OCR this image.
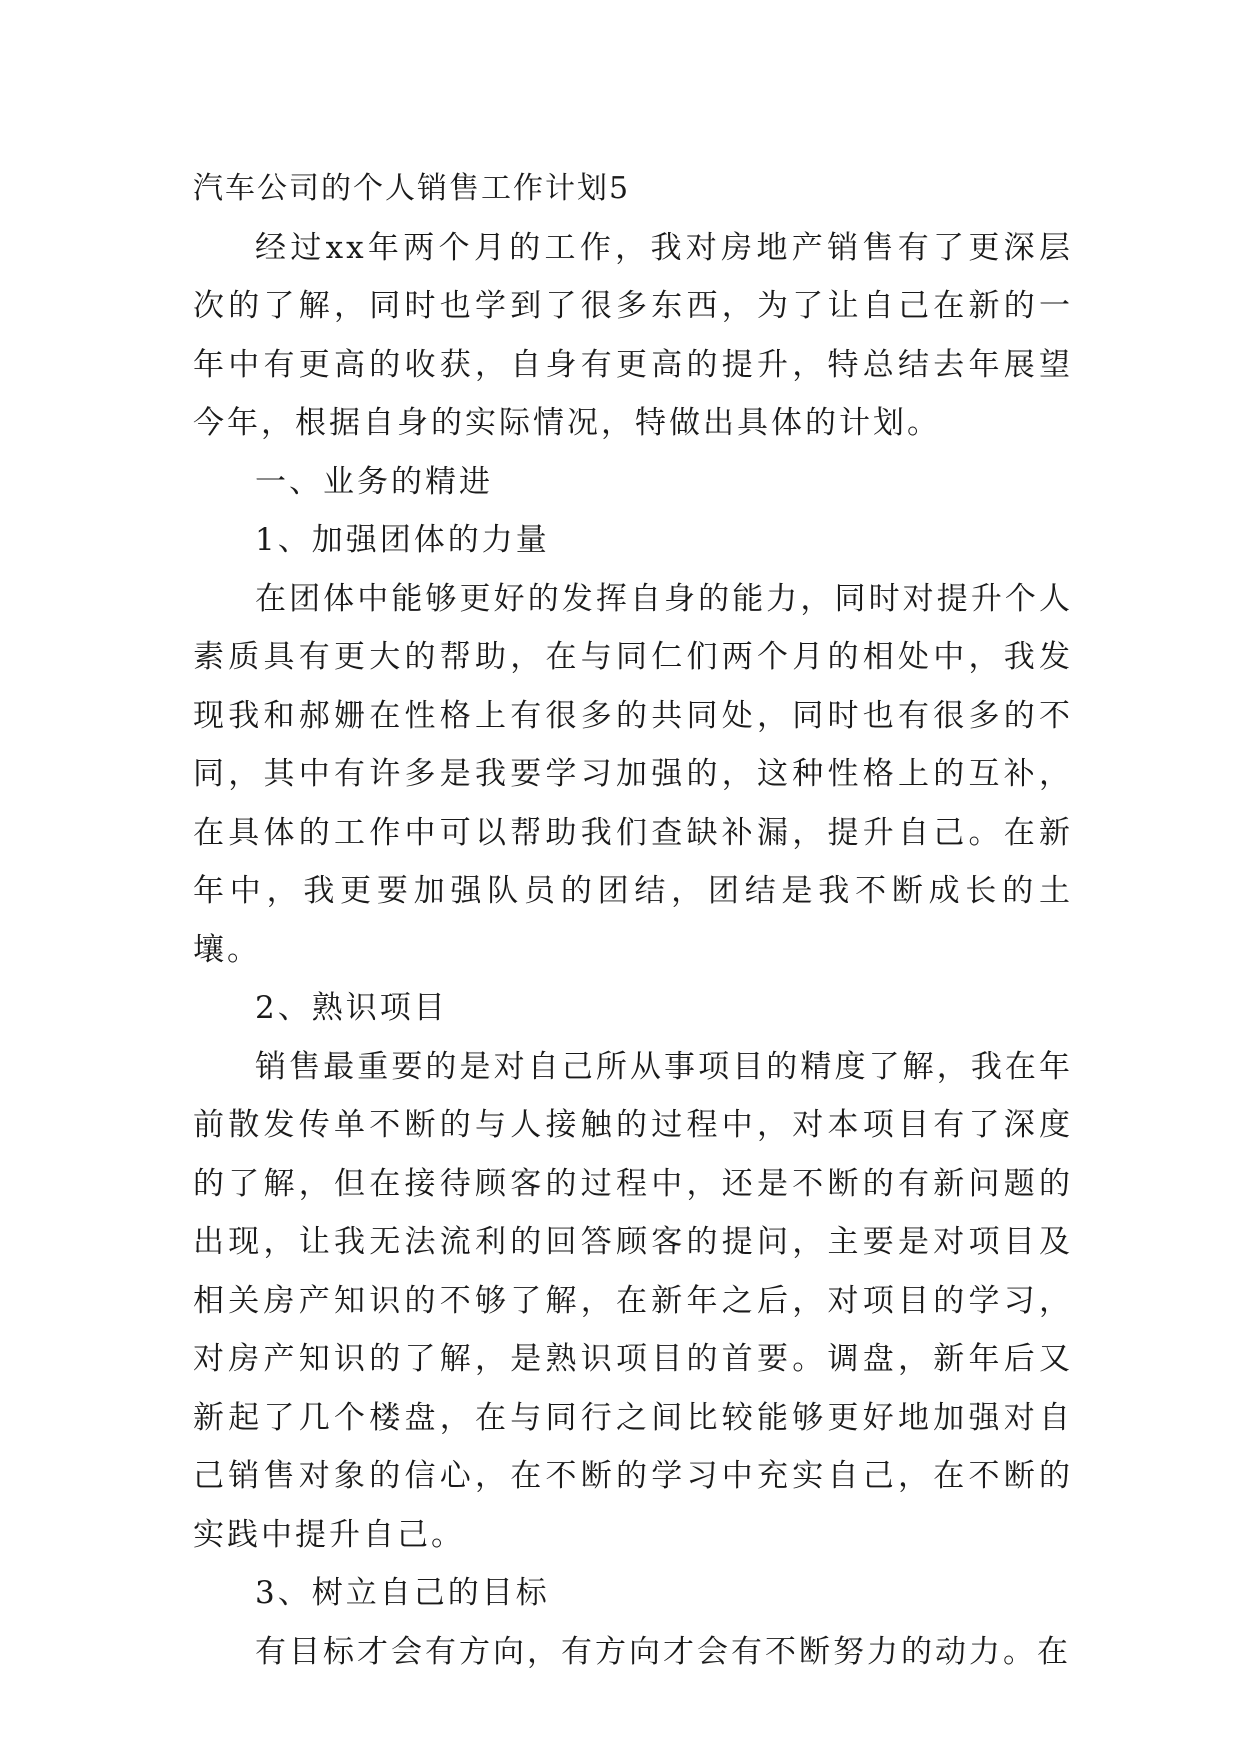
汽车公司的个人销售工作计划5

经过xx年两个月的工作，我对房地产销售有了更深层次的了解，同时也学到了很多东西，为了让自己在新的一年中有更高的收获，自身有更高的提升，特总结去年展望今年，根据自身的实际情况，特做出具体的计划。

一、业务的精进

1、加强团体的力量

在团体中能够更好的发挥自身的能力，同时对提升个人素质具有更大的帮助，在与同仁们两个月的相处中，我发现我和郝姗在性格上有很多的共同处，同时也有很多的不同，其中有许多是我要学习加强的，这种性格上的互补，在具体的工作中可以帮助我们查缺补漏，提升自己。在新年中，我更要加强队员的团结，团结是我不断成长的土壤。

2、熟识项目

销售最重要的是对自己所从事项目的精度了解，我在年前散发传单不断的与人接触的过程中，对本项目有了深度的了解，但在接待顾客的过程中，还是不断的有新问题的出现，让我无法流利的回答顾客的提问，主要是对项目及相关房产知识的不够了解，在新年之后，对项目的学习，对房产知识的了解，是熟识项目的首要。调盘，新年后又新起了几个楼盘，在与同行之间比较能够更好地加强对自己销售对象的信心，在不断的学习中充实自己，在不断的实践中提升自己。

3、树立自己的目标

有目标才会有方向，有方向才会有不断努力的动力。在
